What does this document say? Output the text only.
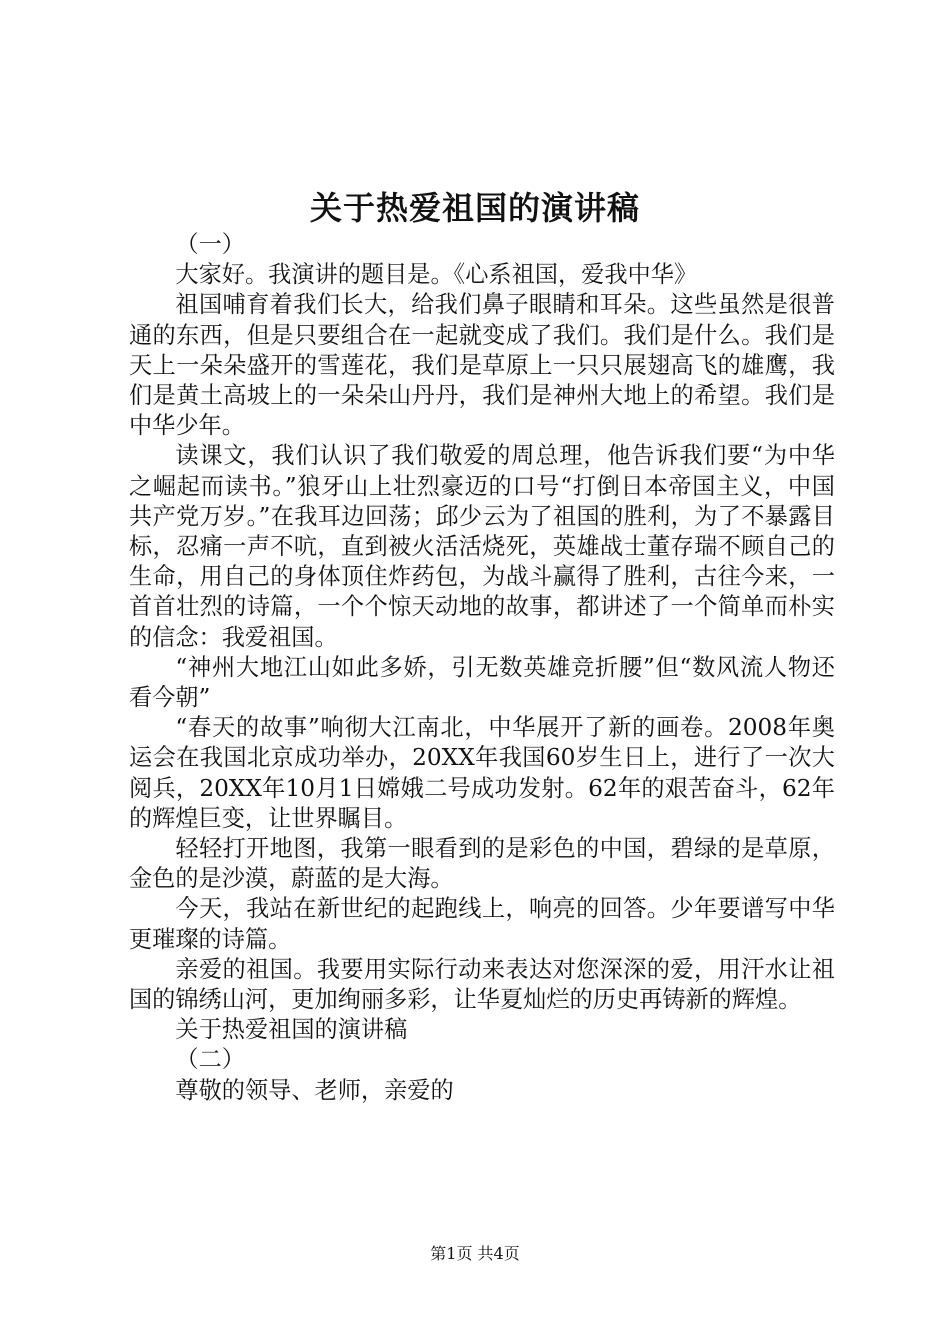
关于热爱祖国的演讲稿

（一）

大家好。我演讲的题目是。《心系祖国，爱我中华》

祖国哺育着我们长大，给我们鼻子眼睛和耳朵。这些虽然是很普通的东西，但是只要组合在一起就变成了我们。我们是什么。我们是天上一朵朵盛开的雪莲花，我们是草原上一只只展翅高飞的雄鹰，我们是黄土高坡上的一朵朵山丹丹，我们是神州大地上的希望。我们是中华少年。

读课文，我们认识了我们敬爱的周总理，他告诉我们要“为中华之崛起而读书。”狼牙山上壮烈豪迈的口号“打倒日本帝国主义，中国共产党万岁。”在我耳边回荡；邱少云为了祖国的胜利，为了不暴露目标，忍痛一声不吭，直到被火活活烧死，英雄战士董存瑞不顾自己的生命，用自己的身体顶住炸药包，为战斗赢得了胜利，古往今来，一首首壮烈的诗篇，一个个惊天动地的故事，都讲述了一个简单而朴实的信念：我爱祖国。

“神州大地江山如此多娇，引无数英雄竞折腰”但“数风流人物还看今朝”

“春天的故事”响彻大江南北，中华展开了新的画卷。2008年奥运会在我国北京成功举办，20XX年我国60岁生日上，进行了一次大阅兵，20XX年10月1日嫦娥二号成功发射。62年的艰苦奋斗，62年的辉煌巨变，让世界瞩目。

轻轻打开地图，我第一眼看到的是彩色的中国，碧绿的是草原，金色的是沙漠，蔚蓝的是大海。

今天，我站在新世纪的起跑线上，响亮的回答。少年要谱写中华更璀璨的诗篇。

亲爱的祖国。我要用实际行动来表达对您深深的爱，用汗水让祖国的锦绣山河，更加绚丽多彩，让华夏灿烂的历史再铸新的辉煌。

关于热爱祖国的演讲稿

（二）

尊敬的领导、老师，亲爱的

第1页 共4页
